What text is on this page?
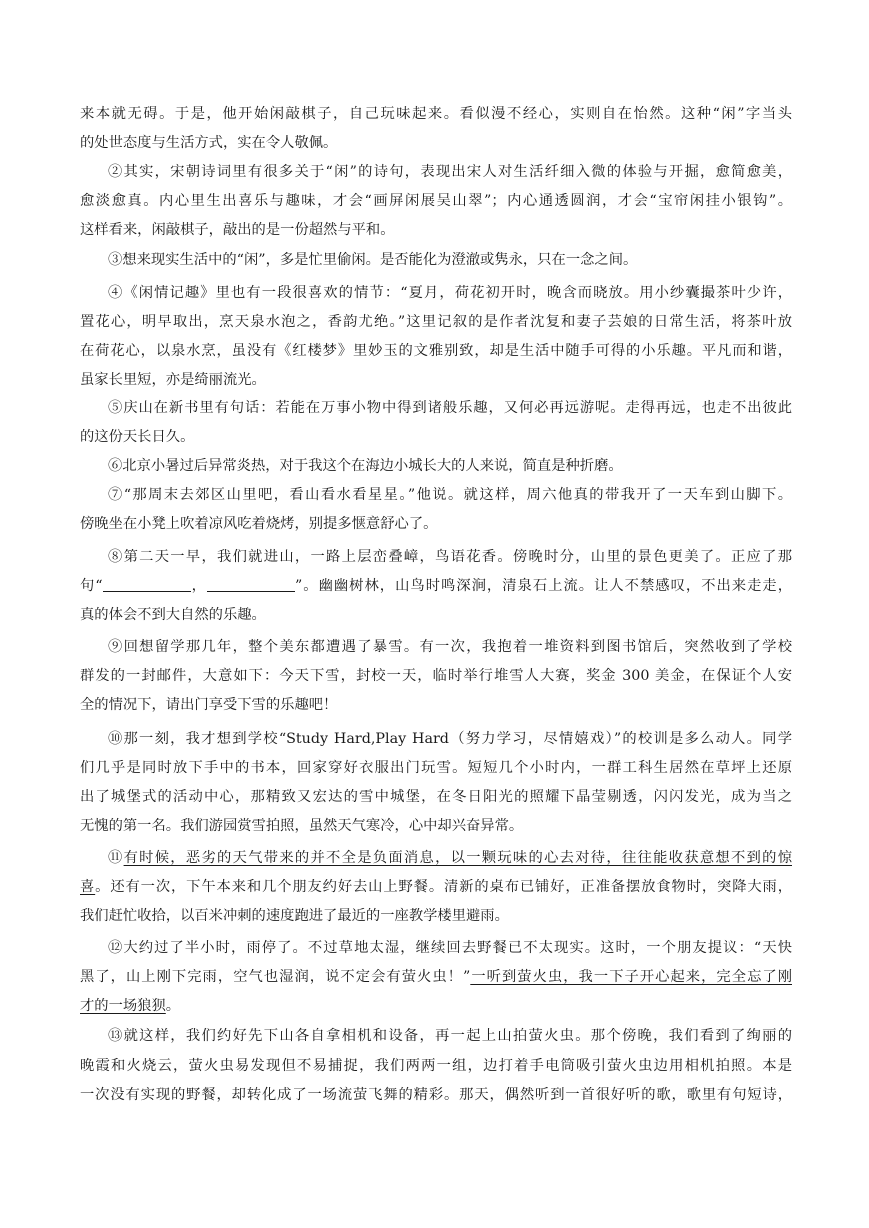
来本就无碍。于是，他开始闲敲棋子，自己玩味起来。看似漫不经心，实则自在怡然。这种“闲”字当头
的处世态度与生活方式，实在令人敬佩。
②其实，宋朝诗词里有很多关于“闲”的诗句，表现出宋人对生活纤细入微的体验与开掘，愈简愈美，
愈淡愈真。内心里生出喜乐与趣味，才会“画屏闲展吴山翠”；内心通透圆润，才会“宝帘闲挂小银钩”。
这样看来，闲敲棋子，敲出的是一份超然与平和。
③想来现实生活中的“闲”，多是忙里偷闲。是否能化为澄澈或隽永，只在一念之间。
④《闲情记趣》里也有一段很喜欢的情节：“夏月，荷花初开时，晚含而晓放。用小纱囊撮茶叶少许，
置花心，明早取出，烹天泉水泡之，香韵尤绝。”这里记叙的是作者沈复和妻子芸娘的日常生活，将茶叶放
在荷花心，以泉水烹，虽没有《红楼梦》里妙玉的文雅别致，却是生活中随手可得的小乐趣。平凡而和谐，
虽家长里短，亦是绮丽流光。
⑤庆山在新书里有句话：若能在万事小物中得到诸般乐趣，又何必再远游呢。走得再远，也走不出彼此
的这份天长日久。
⑥北京小暑过后异常炎热，对于我这个在海边小城长大的人来说，简直是种折磨。
⑦“那周末去郊区山里吧，看山看水看星星。”他说。就这样，周六他真的带我开了一天车到山脚下。
傍晚坐在小凳上吹着凉风吃着烧烤，别提多惬意舒心了。
⑧第二天一早，我们就进山，一路上层峦叠嶂，鸟语花香。傍晚时分，山里的景色更美了。正应了那
句“	，	”。幽幽树林，山鸟时鸣深涧，清泉石上流。让人不禁感叹，不出来走走，
真的体会不到大自然的乐趣。
⑨回想留学那几年，整个美东都遭遇了暴雪。有一次，我抱着一堆资料到图书馆后，突然收到了学校
群发的一封邮件，大意如下：今天下雪，封校一天，临时举行堆雪人大赛，奖金 300 美金，在保证个人安
全的情况下，请出门享受下雪的乐趣吧！
⑩那一刻，我才想到学校“Study Hard,Play Hard（努力学习，尽情嬉戏）”的校训是多么动人。同学
们几乎是同时放下手中的书本，回家穿好衣服出门玩雪。短短几个小时内，一群工科生居然在草坪上还原
出了城堡式的活动中心，那精致又宏达的雪中城堡，在冬日阳光的照耀下晶莹剔透，闪闪发光，成为当之
无愧的第一名。我们游园赏雪拍照，虽然天气寒冷，心中却兴奋异常。
⑪有时候，恶劣的天气带来的并不全是负面消息，以一颗玩味的心去对待，往往能收获意想不到的惊
喜。还有一次，下午本来和几个朋友约好去山上野餐。清新的桌布已铺好，正准备摆放食物时，突降大雨，
我们赶忙收拾，以百米冲刺的速度跑进了最近的一座教学楼里避雨。
⑫大约过了半小时，雨停了。不过草地太湿，继续回去野餐已不太现实。这时，一个朋友提议：“天快
黑了，山上刚下完雨，空气也湿润，说不定会有萤火虫！”一听到萤火虫，我一下子开心起来，完全忘了刚
才的一场狼狈。
⑬就这样，我们约好先下山各自拿相机和设备，再一起上山拍萤火虫。那个傍晚，我们看到了绚丽的
晚霞和火烧云，萤火虫易发现但不易捕捉，我们两两一组，边打着手电筒吸引萤火虫边用相机拍照。本是
一次没有实现的野餐，却转化成了一场流萤飞舞的精彩。那天，偶然听到一首很好听的歌，歌里有句短诗，
